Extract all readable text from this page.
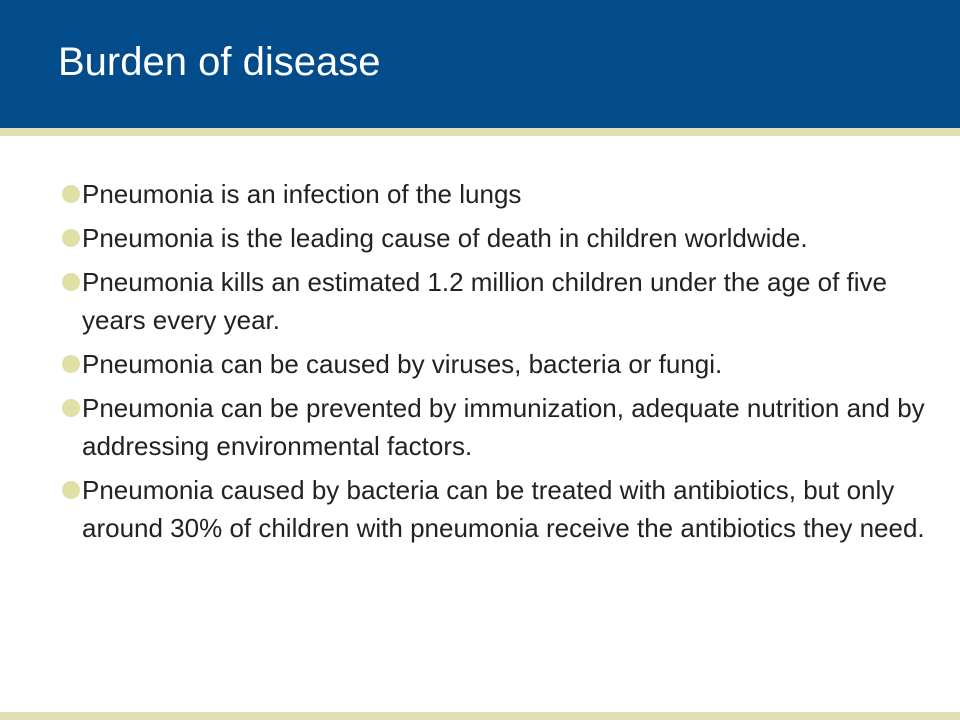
Burden of disease
Pneumonia is an infection of the lungs
Pneumonia is the leading cause of death in children worldwide.
Pneumonia kills an estimated 1.2 million children under the age of five years every year.
Pneumonia can be caused by viruses, bacteria or fungi.
Pneumonia can be prevented by immunization, adequate nutrition and by addressing environmental factors.
Pneumonia caused by bacteria can be treated with antibiotics, but only around 30% of children with pneumonia receive the antibiotics they need.
